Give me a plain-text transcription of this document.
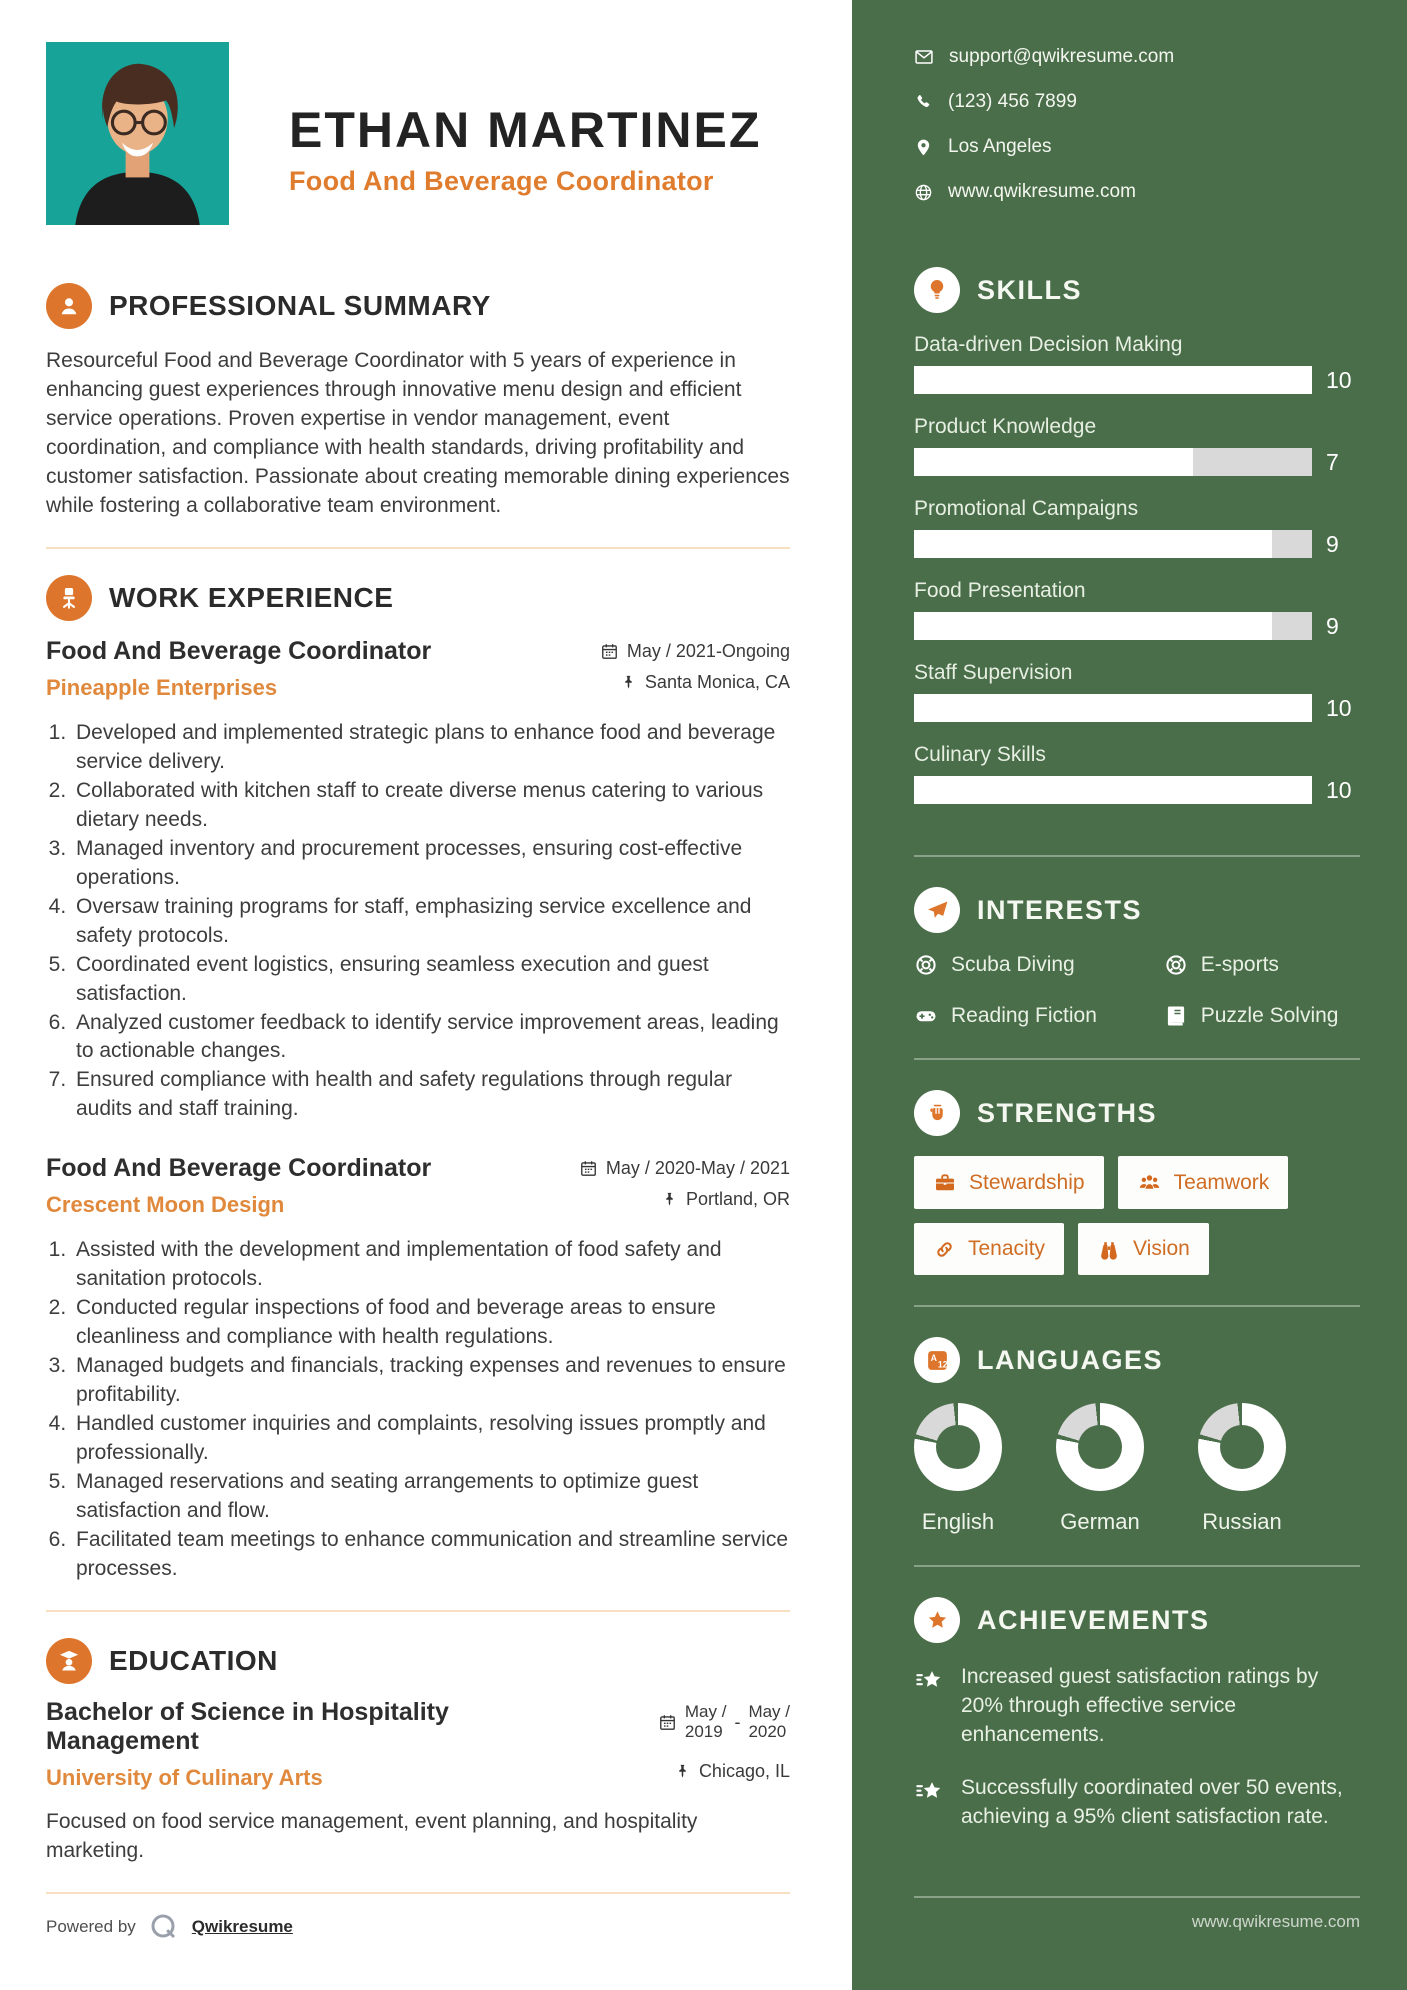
ETHAN MARTINEZ
Food And Beverage Coordinator
PROFESSIONAL SUMMARY

Resourceful Food and Beverage Coordinator with 5 years of experience in enhancing guest experiences through innovative menu design and efficient service operations. Proven expertise in vendor management, event coordination, and compliance with health standards, driving profitability and customer satisfaction. Passionate about creating memorable dining experiences while fostering a collaborative team environment.

WORK EXPERIENCE
Food And Beverage Coordinator
Pineapple Enterprises
May / 2021-Ongoing
Santa Monica, CA
1. Developed and implemented strategic plans to enhance food and beverage service delivery.
2. Collaborated with kitchen staff to create diverse menus catering to various dietary needs.
3. Managed inventory and procurement processes, ensuring cost-effective operations.
4. Oversaw training programs for staff, emphasizing service excellence and safety protocols.
5. Coordinated event logistics, ensuring seamless execution and guest satisfaction.
6. Analyzed customer feedback to identify service improvement areas, leading to actionable changes.
7. Ensured compliance with health and safety regulations through regular audits and staff training.
Food And Beverage Coordinator
Crescent Moon Design
May / 2020-May / 2021
Portland, OR
1. Assisted with the development and implementation of food safety and sanitation protocols.
2. Conducted regular inspections of food and beverage areas to ensure cleanliness and compliance with health regulations.
3. Managed budgets and financials, tracking expenses and revenues to ensure profitability.
4. Handled customer inquiries and complaints, resolving issues promptly and professionally.
5. Managed reservations and seating arrangements to optimize guest satisfaction and flow.
6. Facilitated team meetings to enhance communication and streamline service processes.
EDUCATION
Bachelor of Science in Hospitality Management
University of Culinary Arts
May /
2019 -
May /
2020
Chicago, IL

Focused on food service management, event planning, and hospitality marketing.

Powered by	Qwikresume
support@qwikresume.com
(123) 456 7899
Los Angeles
www.qwikresume.com
SKILLS
Data-driven Decision Making
10
Product Knowledge
7
Promotional Campaigns
9
Food Presentation
9
Staff Supervision
10
Culinary Skills
10
INTERESTS
Scuba Diving	E-sports
Reading Fiction	Puzzle Solving
STRENGTHS
Stewardship	Teamwork
Tenacity	Vision
A
12 LANGUAGES
English	German	Russian
ACHIEVEMENTS
Increased guest satisfaction ratings by 20% through effective service enhancements.
Successfully coordinated over 50 events, achieving a 95% client satisfaction rate.
www.qwikresume.com
